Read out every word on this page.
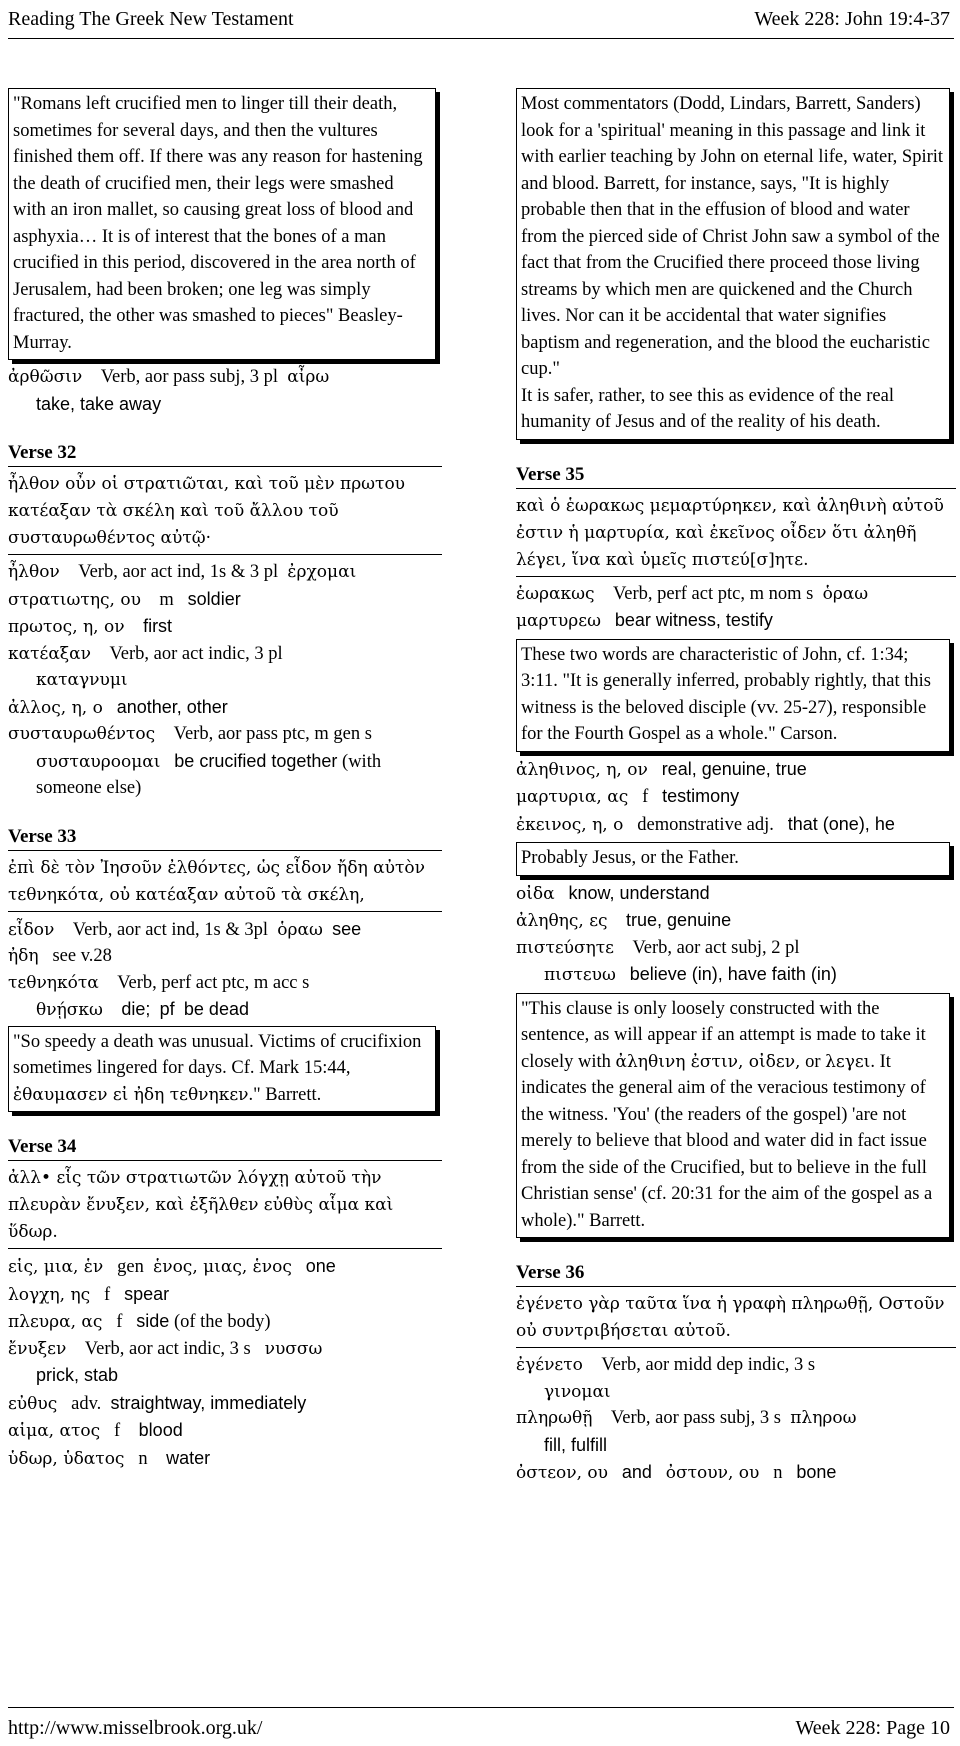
Reading The Greek New Testament	Week 228: John 19:4-37
"Romans left crucified men to linger till their death, sometimes for several days, and then the vultures finished them off. If there was any reason for hastening the death of crucified men, their legs were smashed with an iron mallet, so causing great loss of blood and asphyxia… It is of interest that the bones of a man crucified in this period, discovered in the area north of Jerusalem, had been broken; one leg was simply fractured, the other was smashed to pieces" Beasley-Murray.
ἀρθῶσιν Verb, aor pass subj, 3 pl αἶρω
take, take away

Verse 32

ἦλθον οὖν οἱ στρατιῶται, καὶ τοῦ μὲν πρωτου κατέαξαν τὰ σκέλη καὶ τοῦ ἄλλου τοῦ συσταυρωθέντος αὐτῷ·
ἦλθον Verb, aor act ind, 1s & 3 pl ἐρχομαι
στρατιωτης, ου m soldier
πρωτος, η, ον first
κατέαξαν Verb, aor act indic, 3 pl
καταγνυμι
ἀλλος, η, ο another, other
συσταυρωθέντος Verb, aor pass ptc, m gen s   συσταυροομαι be crucified together (with someone else)

Verse 33

ἐπὶ δὲ τὸν Ἰησοῦν ἐλθόντες, ὡς εἶδον ἤδη αὐτὸν τεθνηκότα, οὐ κατέαξαν αὐτοῦ τὰ σκέλη,
εἶδον Verb, aor act ind, 1s & 3pl ὁραω see
ἠδη see v.28
τεθνηκότα Verb, perf act ptc, m acc s
θνῄσκω die; pf be dead
"So speedy a death was unusual. Victims of crucifixion sometimes lingered for days. Cf. Mark 15:44, ἐθαυμασεν εἰ ἠδη τεθνηκεν." Barrett.

Verse 34

ἀλλ• εἷς τῶν στρατιωτῶν λόγχῃ αὐτοῦ τὴν πλευρὰν ἔνυξεν, καὶ ἐξῆλθεν εὐθὺς αἷμα καὶ ὕδωρ.
εἱς, μια, ἑν gen ἑνος, μιας, ἑνος one
λογχη, ης f spear
πλευρα, ας f side (of the body)
ἔνυξεν Verb, aor act indic, 3 s νυσσω
prick, stab
εὐθυς adv. straightway, immediately
αἱμα, ατος f blood
ὑδωρ, ὑδατος n water
Most commentators (Dodd, Lindars, Barrett, Sanders) look for a 'spiritual' meaning in this passage and link it with earlier teaching by John on eternal life, water, Spirit and blood. Barrett, for instance, says, "It is highly probable then that in the effusion of blood and water from the pierced side of Christ John saw a symbol of the fact that from the Crucified there proceed those living streams by which men are quickened and the Church lives. Nor can it be accidental that water signifies baptism and regeneration, and the blood the eucharistic cup."
It is safer, rather, to see this as evidence of the real humanity of Jesus and of the reality of his death.

Verse 35

καὶ ὁ ἑωρακως μεμαρτύρηκεν, καὶ ἀληθινὴ αὐτοῦ ἐστιν ἡ μαρτυρία, καὶ ἐκεῖνος οἶδεν ὅτι ἀληθῆ λέγει, ἵνα καὶ ὑμεῖς πιστεύ[σ]ητε.
ἑωρακως Verb, perf act ptc, m nom s ὁραω
μαρτυρεω bear witness, testify
These two words are characteristic of John, cf. 1:34; 3:11. "It is generally inferred, probably rightly, that this witness is the beloved disciple (vv. 25-27), responsible for the Fourth Gospel as a whole." Carson.
ἀληθινος, η, ον real, genuine, true
μαρτυρια, ας f testimony
ἐκεινος, η, ο demonstrative adj. that (one), he
Probably Jesus, or the Father.
οἰδα know, understand
ἀληθης, ες true, genuine
πιστεύσητε Verb, aor act subj, 2 pl
πιστευω believe (in), have faith (in)
"This clause is only loosely constructed with the sentence, as will appear if an attempt is made to take it closely with ἀληθινη ἐστιν, οἰδεν, or λεγει. It indicates the general aim of the veracious testimony of the witness. 'You' (the readers of the gospel) 'are not merely to believe that blood and water did in fact issue from the side of the Crucified, but to believe in the full Christian sense' (cf. 20:31 for the aim of the gospel as a whole)." Barrett.

Verse 36

ἐγένετο γὰρ ταῦτα ἵνα ἡ γραφὴ πληρωθῇ, Οστοῦν οὐ συντριβήσεται αὐτοῦ.
ἐγένετο Verb, aor midd dep indic, 3 s
γινομαι
πληρωθῇ Verb, aor pass subj, 3 s πληροω
fill, fulfill
ὀστεον, ου and ὀστουν, ου n bone
http://www.misselbrook.org.uk/	Week 228: Page 10
